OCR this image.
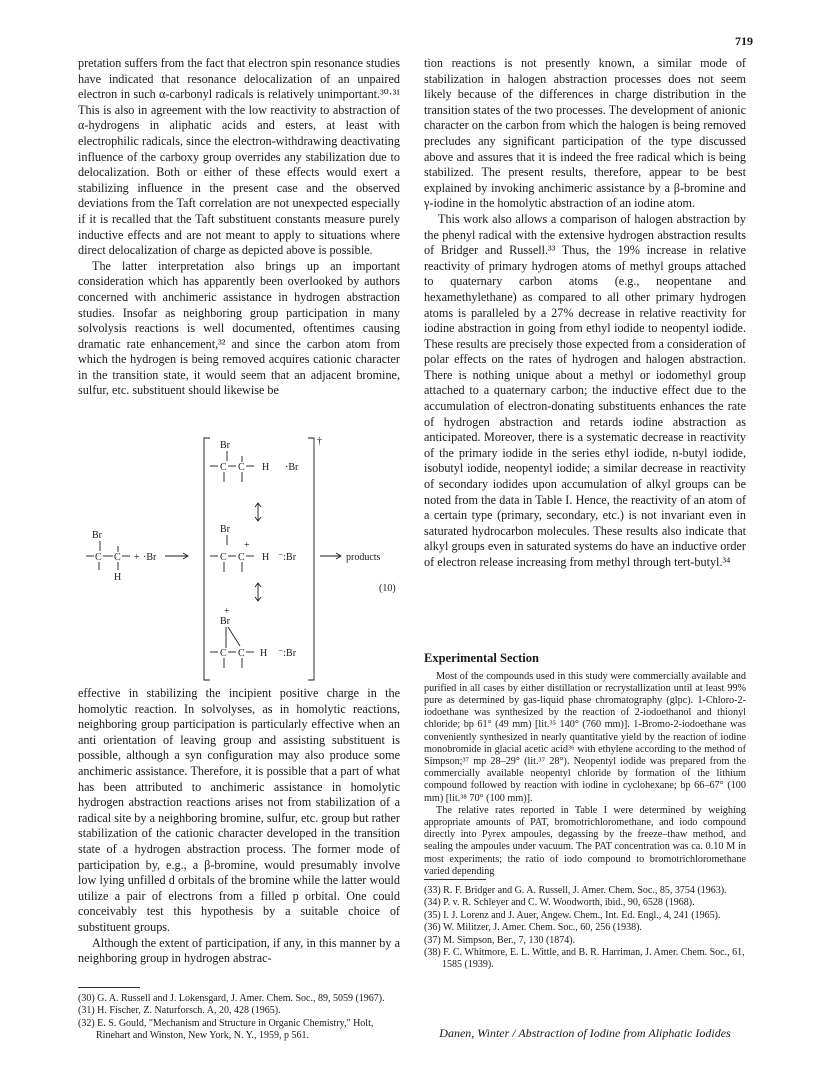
719

pretation suffers from the fact that electron spin resonance studies have indicated that resonance delocalization of an unpaired electron in such α-carbonyl radicals is relatively unimportant.³⁰·³¹ This is also in agreement with the low reactivity to abstraction of α-hydrogens in aliphatic acids and esters, at least with electrophilic radicals, since the electron-withdrawing deactivating influence of the carboxy group overrides any stabilization due to delocalization. Both or either of these effects would exert a stabilizing influence in the present case and the observed deviations from the Taft correlation are not unexpected especially if it is recalled that the Taft substituent constants measure purely inductive effects and are not meant to apply to situations where direct delocalization of charge as depicted above is possible.

The latter interpretation also brings up an important consideration which has apparently been overlooked by authors concerned with anchimeric assistance in hydrogen abstraction studies. Insofar as neighboring group participation in many solvolysis reactions is well documented, oftentimes causing dramatic rate enhancement,³² and since the carbon atom from which the hydrogen is being removed acquires cationic character in the transition state, it would seem that an adjacent bromine, sulfur, etc. substituent should likewise be

Br
C C
H
+ ·Br
†
Br
C C H ·Br
Br
C C
+
H ⁻:Br	products
(10)
+
Br
C C H ⁻:Br

effective in stabilizing the incipient positive charge in the homolytic reaction. In solvolyses, as in homolytic reactions, neighboring group participation is particularly effective when an anti orientation of leaving group and assisting substituent is possible, although a syn configuration may also produce some anchimeric assistance. Therefore, it is possible that a part of what has been attributed to anchimeric assistance in homolytic hydrogen abstraction reactions arises not from stabilization of a radical site by a neighboring bromine, sulfur, etc. group but rather stabilization of the cationic character developed in the transition state of a hydrogen abstraction process. The former mode of participation by, e.g., a β-bromine, would presumably involve low lying unfilled d orbitals of the bromine while the latter would utilize a pair of electrons from a filled p orbital. One could conceivably test this hypothesis by a suitable choice of substituent groups.

Although the extent of participation, if any, in this manner by a neighboring group in hydrogen abstrac-

tion reactions is not presently known, a similar mode of stabilization in halogen abstraction processes does not seem likely because of the differences in charge distribution in the transition states of the two processes. The development of anionic character on the carbon from which the halogen is being removed precludes any significant participation of the type discussed above and assures that it is indeed the free radical which is being stabilized. The present results, therefore, appear to be best explained by invoking anchimeric assistance by a β-bromine and γ-iodine in the homolytic abstraction of an iodine atom.

This work also allows a comparison of halogen abstraction by the phenyl radical with the extensive hydrogen abstraction results of Bridger and Russell.³³ Thus, the 19% increase in relative reactivity of primary hydrogen atoms of methyl groups attached to quaternary carbon atoms (e.g., neopentane and hexamethylethane) as compared to all other primary hydrogen atoms is paralleled by a 27% decrease in relative reactivity for iodine abstraction in going from ethyl iodide to neopentyl iodide. These results are precisely those expected from a consideration of polar effects on the rates of hydrogen and halogen abstraction. There is nothing unique about a methyl or iodomethyl group attached to a quaternary carbon; the inductive effect due to the accumulation of electron-donating substituents enhances the rate of hydrogen abstraction and retards iodine abstraction as anticipated. Moreover, there is a systematic decrease in reactivity of the primary iodide in the series ethyl iodide, n-butyl iodide, isobutyl iodide, neopentyl iodide; a similar decrease in reactivity of secondary iodides upon accumulation of alkyl groups can be noted from the data in Table I. Hence, the reactivity of an atom of a certain type (primary, secondary, etc.) is not invariant even in saturated hydrocarbon molecules. These results also indicate that alkyl groups even in saturated systems do have an inductive order of electron release increasing from methyl through tert-butyl.³⁴

Experimental Section

Most of the compounds used in this study were commercially available and purified in all cases by either distillation or recrystallization until at least 99% pure as determined by gas-liquid phase chromatography (glpc). 1-Chloro-2-iodoethane was synthesized by the reaction of 2-iodoethanol and thionyl chloride; bp 61° (49 mm) [lit.³⁵ 140° (760 mm)]. 1-Bromo-2-iodoethane was conveniently synthesized in nearly quantitative yield by the reaction of iodine monobromide in glacial acetic acid³⁶ with ethylene according to the method of Simpson;³⁷ mp 28–29° (lit.³⁷ 28°). Neopentyl iodide was prepared from the commercially available neopentyl chloride by formation of the lithium compound followed by reaction with iodine in cyclohexane; bp 66–67° (100 mm) [lit.³⁸ 70° (100 mm)].

The relative rates reported in Table I were determined by weighing appropriate amounts of PAT, bromotrichloromethane, and iodo compound directly into Pyrex ampoules, degassing by the freeze–thaw method, and sealing the ampoules under vacuum. The PAT concentration was ca. 0.10 M in most experiments; the ratio of iodo compound to bromotrichloromethane varied depending

(30) G. A. Russell and J. Lokensgard, J. Amer. Chem. Soc., 89, 5059 (1967).
(31) H. Fischer, Z. Naturforsch. A, 20, 428 (1965).
(32) E. S. Gould, "Mechanism and Structure in Organic Chemistry," Holt, Rinehart and Winston, New York, N. Y., 1959, p 561.
(33) R. F. Bridger and G. A. Russell, J. Amer. Chem. Soc., 85, 3754 (1963).
(34) P. v. R. Schleyer and C. W. Woodworth, ibid., 90, 6528 (1968).
(35) I. J. Lorenz and J. Auer, Angew. Chem., Int. Ed. Engl., 4, 241 (1965).
(36) W. Militzer, J. Amer. Chem. Soc., 60, 256 (1938).
(37) M. Simpson, Ber., 7, 130 (1874).
(38) F. C. Whitmore, E. L. Wittle, and B. R. Harriman, J. Amer. Chem. Soc., 61, 1585 (1939).
Danen, Winter / Abstraction of Iodine from Aliphatic Iodides
